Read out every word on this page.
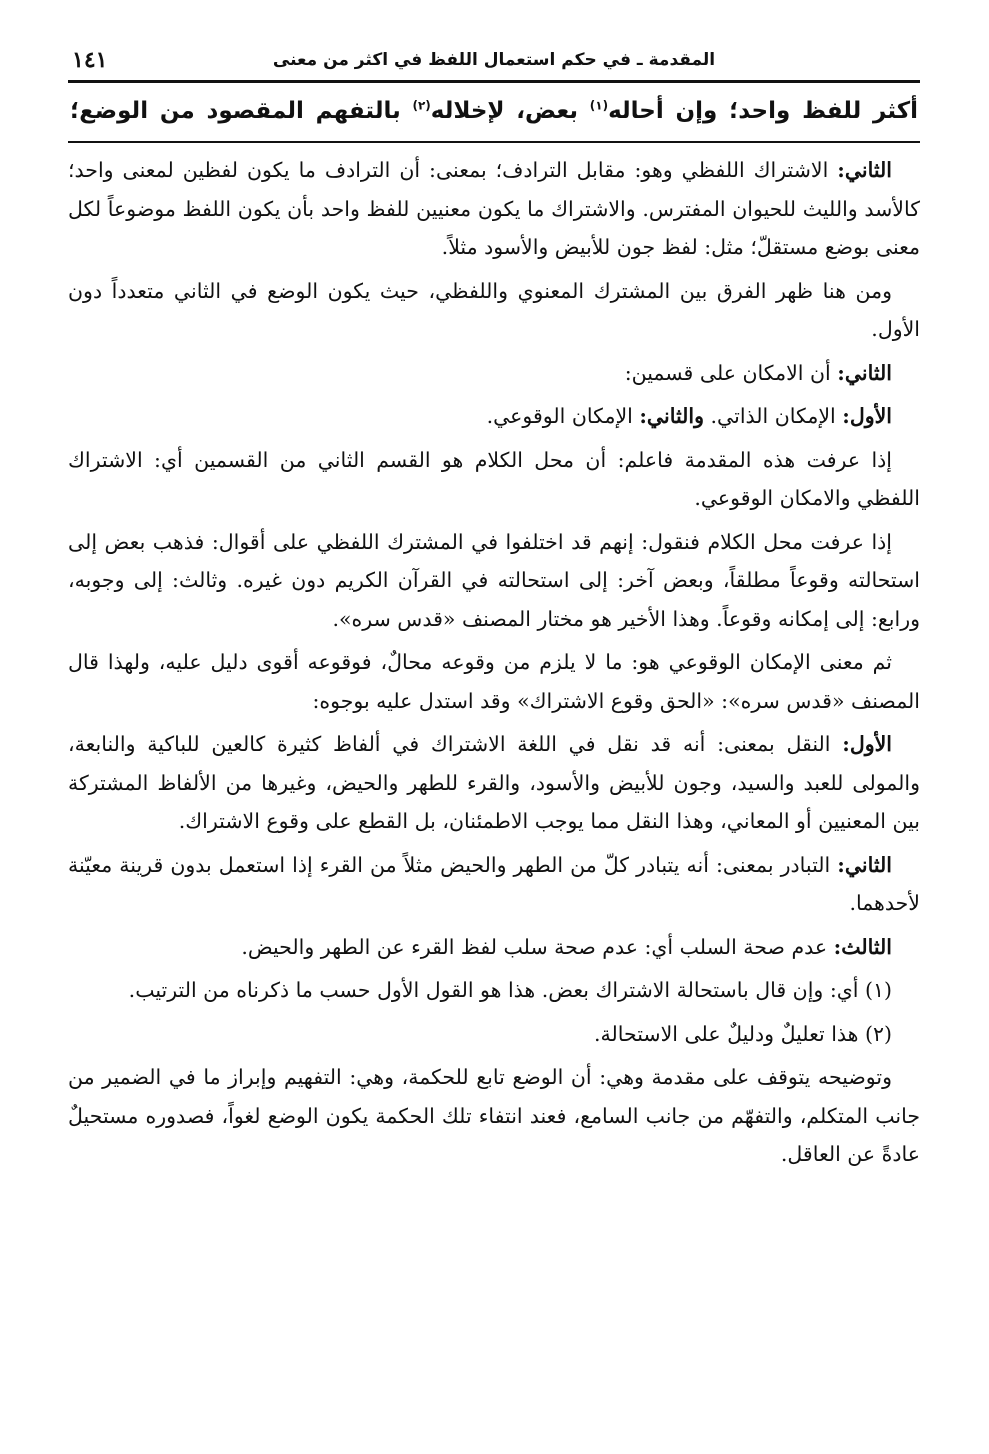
المقدمة ـ في حكم استعمال اللفظ في اكثر من معنى
١٤١
أكثر للفظ واحد؛ وإن أحاله$^{(١)}$ بعض، لإخلاله$^{(٢)}$ بالتفهم المقصود من الوضع؛

الثاني: الاشتراك اللفظي وهو: مقابل الترادف؛ بمعنى: أن الترادف ما يكون لفظين لمعنى واحد؛ كالأسد والليث للحيوان المفترس. والاشتراك ما يكون معنيين للفظ واحد بأن يكون اللفظ موضوعاً لكل معنى بوضع مستقلّ؛ مثل: لفظ جون للأبيض والأسود مثلاً.

ومن هنا ظهر الفرق بين المشترك المعنوي واللفظي، حيث يكون الوضع في الثاني متعدداً دون الأول.

الثاني: أن الامكان على قسمين:

الأول: الإمكان الذاتي. والثاني: الإمكان الوقوعي.

إذا عرفت هذه المقدمة فاعلم: أن محل الكلام هو القسم الثاني من القسمين أي: الاشتراك اللفظي والامكان الوقوعي.

إذا عرفت محل الكلام فنقول: إنهم قد اختلفوا في المشترك اللفظي على أقوال: فذهب بعض إلى استحالته وقوعاً مطلقاً، وبعض آخر: إلى استحالته في القرآن الكريم دون غيره. وثالث: إلى وجوبه، ورابع: إلى إمكانه وقوعاً. وهذا الأخير هو مختار المصنف «قدس سره».

ثم معنى الإمكان الوقوعي هو: ما لا يلزم من وقوعه محالٌ، فوقوعه أقوى دليل عليه، ولهذا قال المصنف «قدس سره»: «الحق وقوع الاشتراك» وقد استدل عليه بوجوه:

الأول: النقل بمعنى: أنه قد نقل في اللغة الاشتراك في ألفاظ كثيرة كالعين للباكية والنابعة، والمولى للعبد والسيد، وجون للأبيض والأسود، والقرء للطهر والحيض، وغيرها من الألفاظ المشتركة بين المعنيين أو المعاني، وهذا النقل مما يوجب الاطمئنان، بل القطع على وقوع الاشتراك.

الثاني: التبادر بمعنى: أنه يتبادر كلّ من الطهر والحيض مثلاً من القرء إذا استعمل بدون قرينة معيّنة لأحدهما.

الثالث: عدم صحة السلب أي: عدم صحة سلب لفظ القرء عن الطهر والحيض.

(١) أي: وإن قال باستحالة الاشتراك بعض. هذا هو القول الأول حسب ما ذكرناه من الترتيب.

(٢) هذا تعليلٌ ودليلٌ على الاستحالة.

وتوضيحه يتوقف على مقدمة وهي: أن الوضع تابع للحكمة، وهي: التفهيم وإبراز ما في الضمير من جانب المتكلم، والتفهّم من جانب السامع، فعند انتفاء تلك الحكمة يكون الوضع لغواً، فصدوره مستحيلٌ عادةً عن العاقل.
